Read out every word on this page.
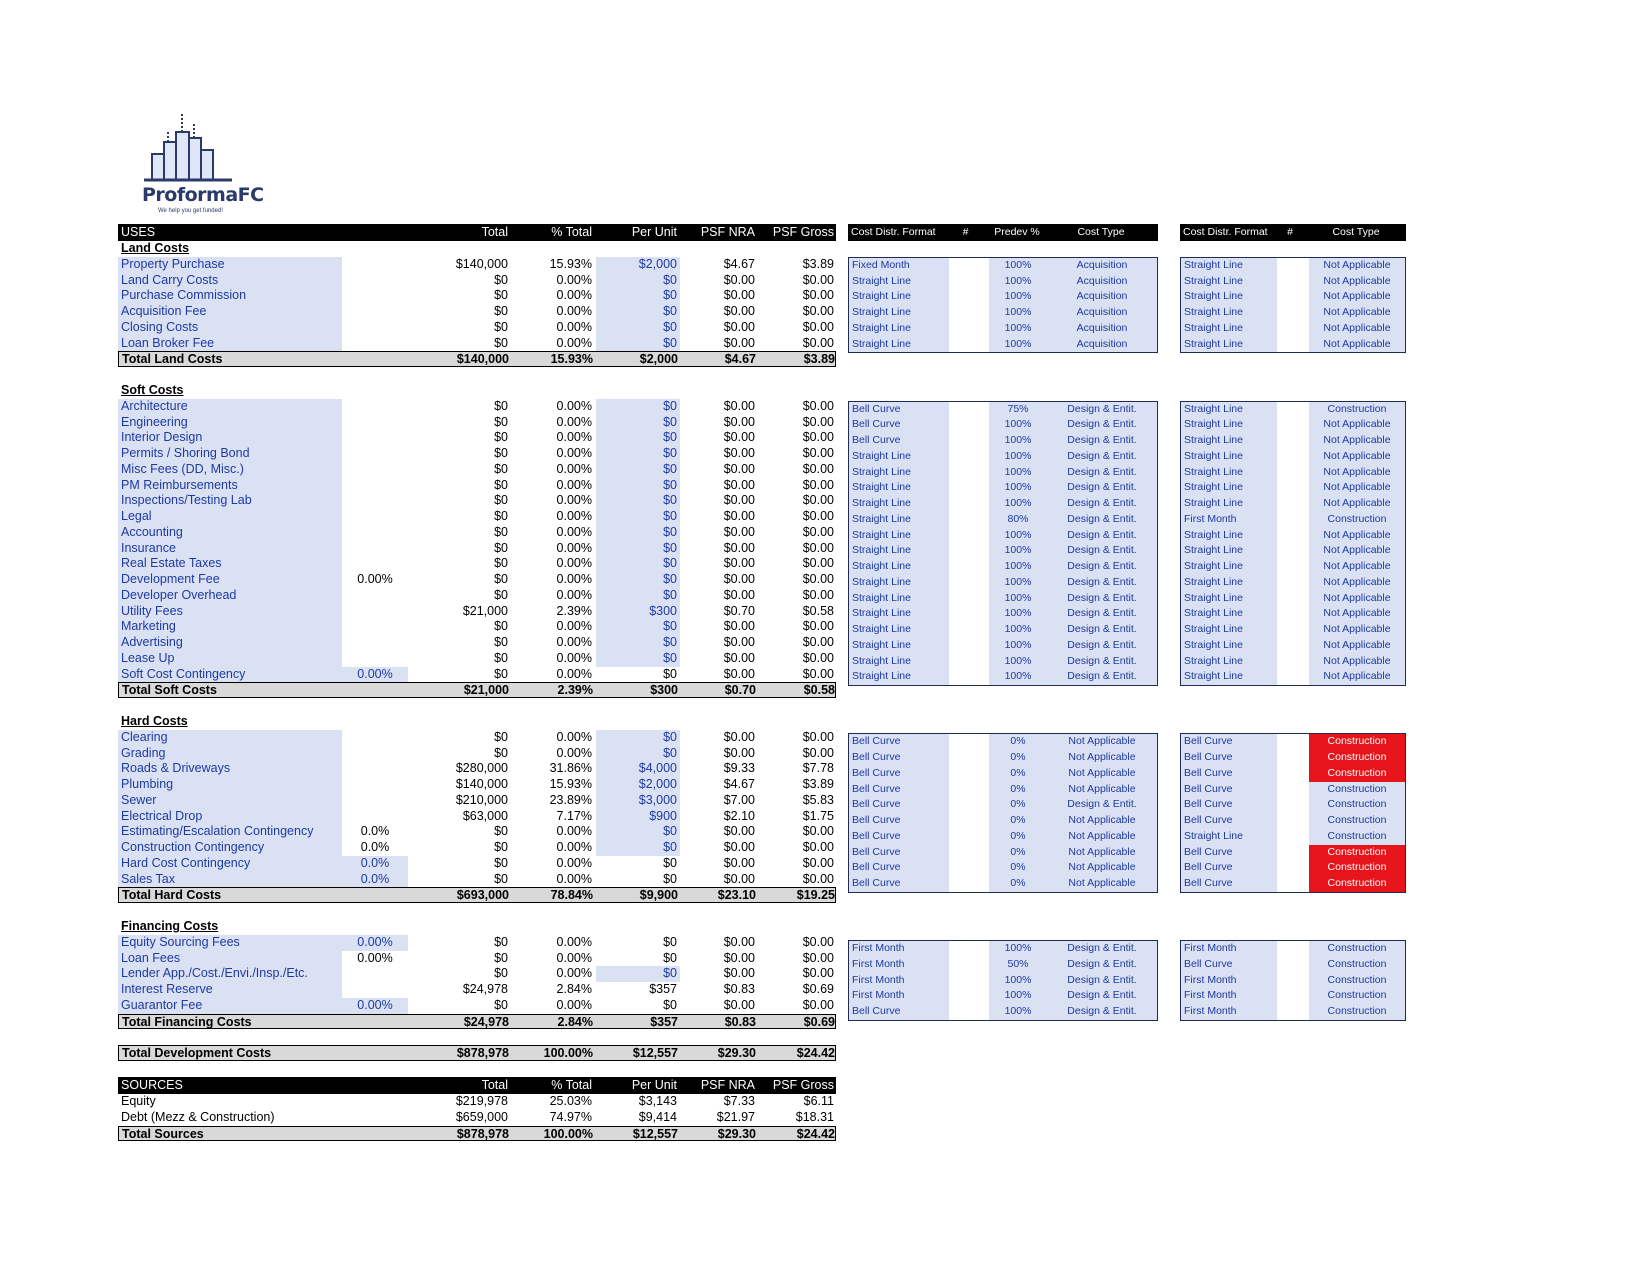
ProformaFC
We help you get funded!
USES	Total	% Total	Per Unit	PSF NRA	PSF Gross
Land Costs
Property Purchase	$140,000	15.93%	$2,000	$4.67	$3.89
Land Carry Costs	$0	0.00%	$0	$0.00	$0.00
Purchase Commission	$0	0.00%	$0	$0.00	$0.00
Acquisition Fee	$0	0.00%	$0	$0.00	$0.00
Closing Costs	$0	0.00%	$0	$0.00	$0.00
Loan Broker Fee	$0	0.00%	$0	$0.00	$0.00
Total Land Costs	$140,000	15.93%	$2,000	$4.67	$3.89
Soft Costs
Architecture	$0	0.00%	$0	$0.00	$0.00
Engineering	$0	0.00%	$0	$0.00	$0.00
Interior Design	$0	0.00%	$0	$0.00	$0.00
Permits / Shoring Bond	$0	0.00%	$0	$0.00	$0.00
Misc Fees (DD, Misc.)	$0	0.00%	$0	$0.00	$0.00
PM Reimbursements	$0	0.00%	$0	$0.00	$0.00
Inspections/Testing Lab	$0	0.00%	$0	$0.00	$0.00
Legal	$0	0.00%	$0	$0.00	$0.00
Accounting	$0	0.00%	$0	$0.00	$0.00
Insurance	$0	0.00%	$0	$0.00	$0.00
Real Estate Taxes	$0	0.00%	$0	$0.00	$0.00
Development Fee	0.00%	$0	0.00%	$0	$0.00	$0.00
Developer Overhead	$0	0.00%	$0	$0.00	$0.00
Utility Fees	$21,000	2.39%	$300	$0.70	$0.58
Marketing	$0	0.00%	$0	$0.00	$0.00
Advertising	$0	0.00%	$0	$0.00	$0.00
Lease Up	$0	0.00%	$0	$0.00	$0.00
Soft Cost Contingency	0.00%	$0	0.00%	$0	$0.00	$0.00
Total Soft Costs	$21,000	2.39%	$300	$0.70	$0.58
Hard Costs
Clearing	$0	0.00%	$0	$0.00	$0.00
Grading	$0	0.00%	$0	$0.00	$0.00
Roads & Driveways	$280,000	31.86%	$4,000	$9.33	$7.78
Plumbing	$140,000	15.93%	$2,000	$4.67	$3.89
Sewer	$210,000	23.89%	$3,000	$7.00	$5.83
Electrical Drop	$63,000	7.17%	$900	$2.10	$1.75
Estimating/Escalation Contingency	0.0%	$0	0.00%	$0	$0.00	$0.00
Construction Contingency	0.0%	$0	0.00%	$0	$0.00	$0.00
Hard Cost Contingency	0.0%	$0	0.00%	$0	$0.00	$0.00
Sales Tax	0.0%	$0	0.00%	$0	$0.00	$0.00
Total Hard Costs	$693,000	78.84%	$9,900	$23.10	$19.25
Financing Costs
Equity Sourcing Fees	0.00%	$0	0.00%	$0	$0.00	$0.00
Loan Fees	0.00%	$0	0.00%	$0	$0.00	$0.00
Lender App./Cost./Envi./Insp./Etc.	$0	0.00%	$0	$0.00	$0.00
Interest Reserve	$24,978	2.84%	$357	$0.83	$0.69
Guarantor Fee	0.00%	$0	0.00%	$0	$0.00	$0.00
Total Financing Costs	$24,978	2.84%	$357	$0.83	$0.69
Total Development Costs	$878,978	100.00%	$12,557	$29.30	$24.42
SOURCES	Total	% Total	Per Unit	PSF NRA	PSF Gross
Equity	$219,978	25.03%	$3,143	$7.33	$6.11
Debt (Mezz & Construction)	$659,000	74.97%	$9,414	$21.97	$18.31
Total Sources	$878,978	100.00%	$12,557	$29.30	$24.42
Cost Distr. Format	#	Predev %	Cost Type
Fixed Month	100%	Acquisition
Straight Line	100%	Acquisition
Straight Line	100%	Acquisition
Straight Line	100%	Acquisition
Straight Line	100%	Acquisition
Straight Line	100%	Acquisition
Bell Curve	75%	Design & Entit.
Bell Curve	100%	Design & Entit.
Bell Curve	100%	Design & Entit.
Straight Line	100%	Design & Entit.
Straight Line	100%	Design & Entit.
Straight Line	100%	Design & Entit.
Straight Line	100%	Design & Entit.
Straight Line	80%	Design & Entit.
Straight Line	100%	Design & Entit.
Straight Line	100%	Design & Entit.
Straight Line	100%	Design & Entit.
Straight Line	100%	Design & Entit.
Straight Line	100%	Design & Entit.
Straight Line	100%	Design & Entit.
Straight Line	100%	Design & Entit.
Straight Line	100%	Design & Entit.
Straight Line	100%	Design & Entit.
Straight Line	100%	Design & Entit.
Bell Curve	0%	Not Applicable
Bell Curve	0%	Not Applicable
Bell Curve	0%	Not Applicable
Bell Curve	0%	Not Applicable
Bell Curve	0%	Design & Entit.
Bell Curve	0%	Not Applicable
Bell Curve	0%	Not Applicable
Bell Curve	0%	Not Applicable
Bell Curve	0%	Not Applicable
Bell Curve	0%	Not Applicable
First Month	100%	Design & Entit.
First Month	50%	Design & Entit.
First Month	100%	Design & Entit.
First Month	100%	Design & Entit.
Bell Curve	100%	Design & Entit.
Cost Distr. Format	#	Cost Type
Straight Line	Not Applicable
Straight Line	Not Applicable
Straight Line	Not Applicable
Straight Line	Not Applicable
Straight Line	Not Applicable
Straight Line	Not Applicable
Straight Line	Construction
Straight Line	Not Applicable
Straight Line	Not Applicable
Straight Line	Not Applicable
Straight Line	Not Applicable
Straight Line	Not Applicable
Straight Line	Not Applicable
First Month	Construction
Straight Line	Not Applicable
Straight Line	Not Applicable
Straight Line	Not Applicable
Straight Line	Not Applicable
Straight Line	Not Applicable
Straight Line	Not Applicable
Straight Line	Not Applicable
Straight Line	Not Applicable
Straight Line	Not Applicable
Straight Line	Not Applicable
Bell Curve	Construction
Bell Curve	Construction
Bell Curve	Construction
Bell Curve	Construction
Bell Curve	Construction
Bell Curve	Construction
Straight Line	Construction
Bell Curve	Construction
Bell Curve	Construction
Bell Curve	Construction
First Month	Construction
Bell Curve	Construction
First Month	Construction
First Month	Construction
First Month	Construction
